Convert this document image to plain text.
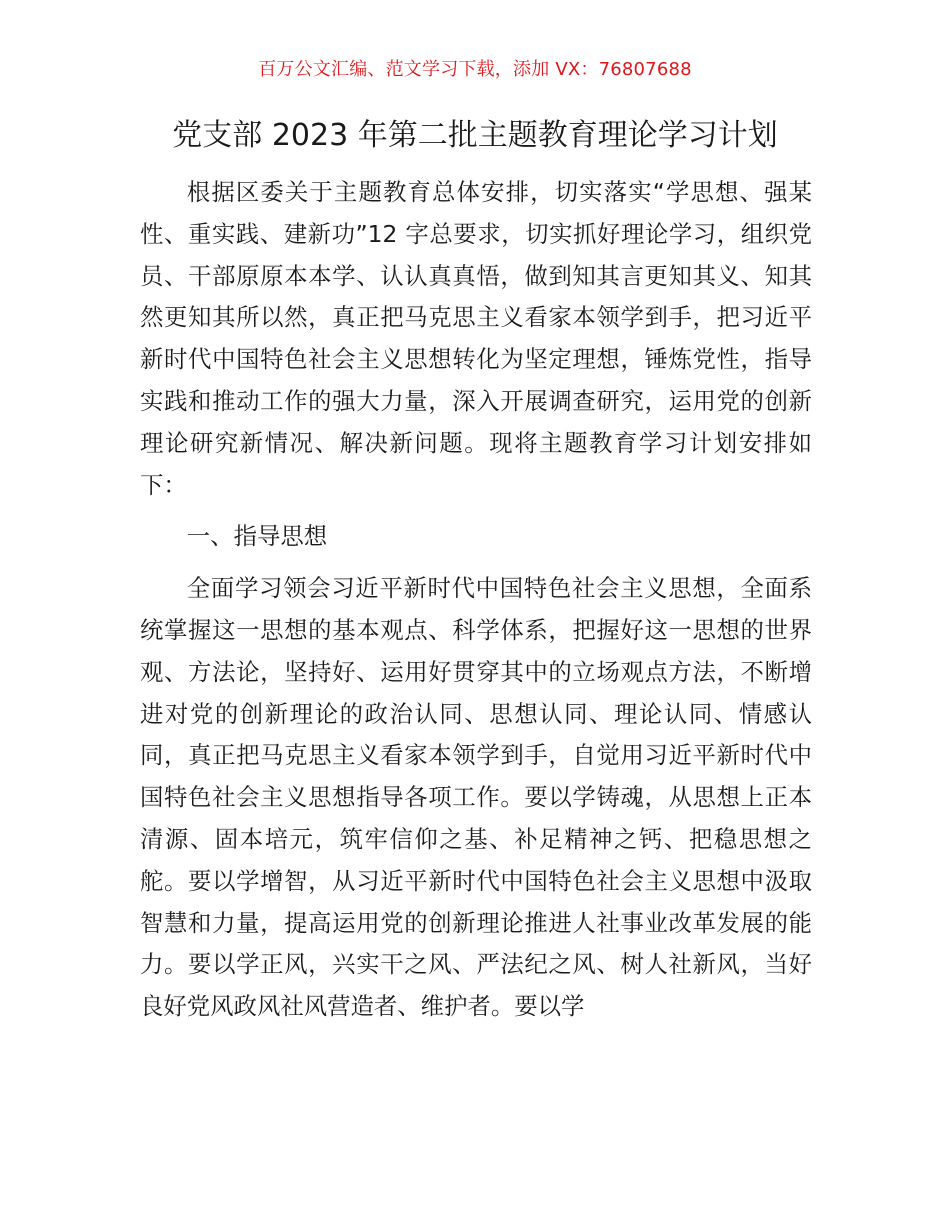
百万公文汇编、范文学习下载，添加 VX：76807688
党支部 2023 年第二批主题教育理论学习计划

根据区委关于主题教育总体安排，切实落实“学思想、强某性、重实践、建新功”12 字总要求，切实抓好理论学习，组织党员、干部原原本本学、认认真真悟，做到知其言更知其义、知其然更知其所以然，真正把马克思主义看家本领学到手，把习近平新时代中国特色社会主义思想转化为坚定理想，锤炼党性，指导实践和推动工作的强大力量，深入开展调查研究，运用党的创新理论研究新情况、解决新问题。现将主题教育学习计划安排如下：

一、指导思想

全面学习领会习近平新时代中国特色社会主义思想，全面系统掌握这一思想的基本观点、科学体系，把握好这一思想的世界观、方法论，坚持好、运用好贯穿其中的立场观点方法，不断增进对党的创新理论的政治认同、思想认同、理论认同、情感认同，真正把马克思主义看家本领学到手，自觉用习近平新时代中国特色社会主义思想指导各项工作。要以学铸魂，从思想上正本清源、固本培元，筑牢信仰之基、补足精神之钙、把稳思想之舵。要以学增智，从习近平新时代中国特色社会主义思想中汲取智慧和力量，提高运用党的创新理论推进人社事业改革发展的能力。要以学正风，兴实干之风、严法纪之风、树人社新风，当好良好党风政风社风营造者、维护者。要以学
